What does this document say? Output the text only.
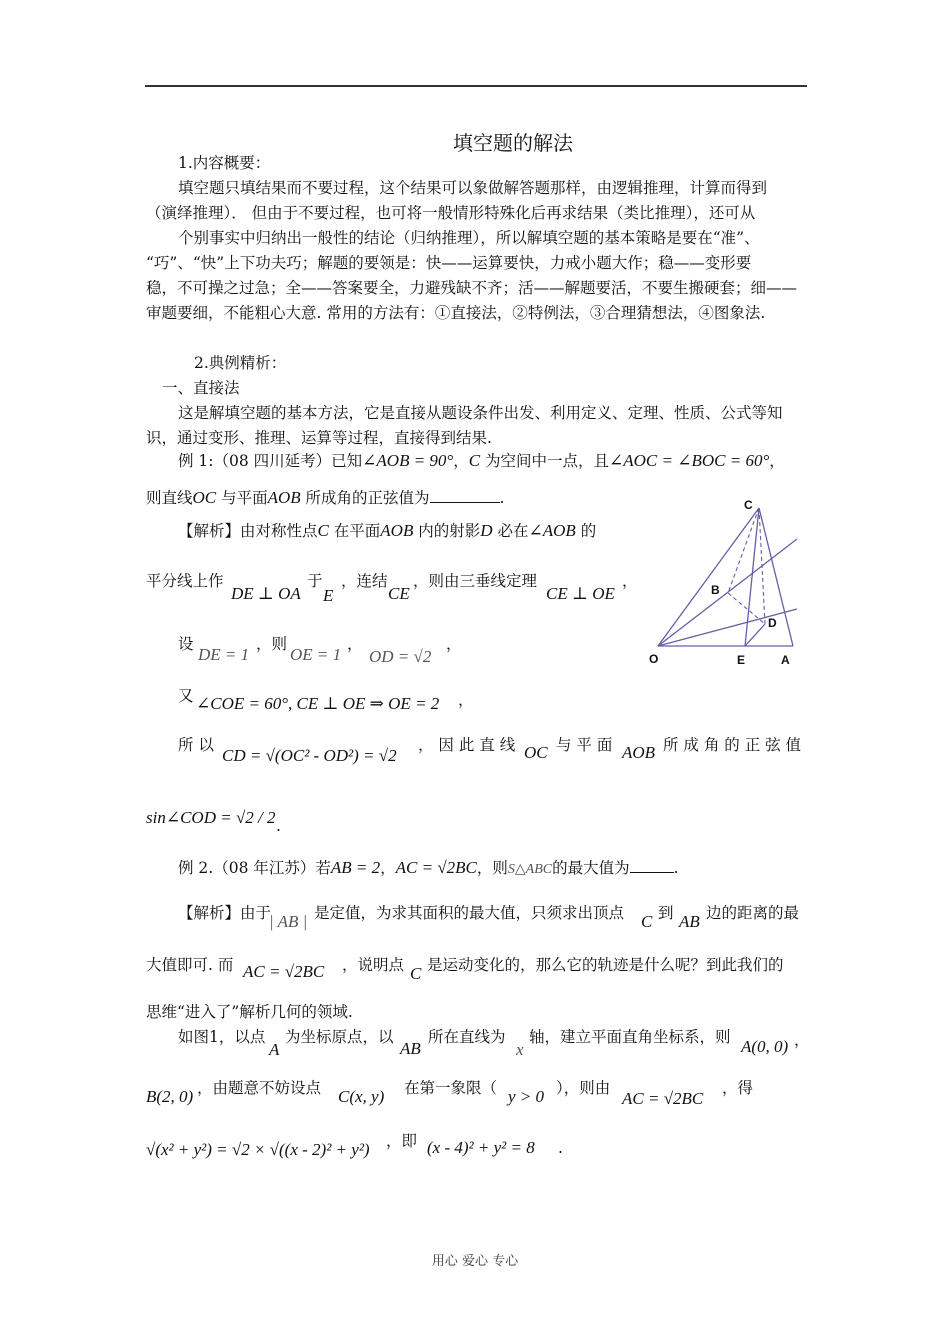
填空题的解法
1.内容概要：
填空题只填结果而不要过程，这个结果可以象做解答题那样，由逻辑推理，计算而得到
（演绎推理）． 但由于不要过程，也可将一般情形特殊化后再求结果（类比推理），还可从
个别事实中归纳出一般性的结论（归纳推理），所以解填空题的基本策略是要在“准”、
“巧”、“快”上下功夫巧；解题的要领是：快——运算要快，力戒小题大作；稳——变形要
稳，不可操之过急；全——答案要全，力避残缺不齐；活——解题要活，不要生搬硬套；细——
审题要细，不能粗心大意. 常用的方法有：①直接法，②特例法，③合理猜想法，④图象法.
2.典例精析：
一、直接法
这是解填空题的基本方法，它是直接从题设条件出发、利用定义、定理、性质、公式等知
识，通过变形、推理、运算等过程，直接得到结果.
例 1:（08 四川延考）已知∠AOB = 90°，C 为空间中一点，且∠AOC = ∠BOC = 60°，
则直线OC 与平面AOB 所成角的正弦值为	.
【解析】由对称性点C 在平面AOB 内的射影D 必在∠AOB 的
平分线上作
DE ⊥ OA
于
E
，连结
CE
，则由三垂线定理
CE ⊥ OE
，
设
DE = 1
，则
OE = 1
，
OD = √2
，
又 ∠COE = 60°, CE ⊥ OE ⇒ OE = 2 ，
所 以
CD = √(OC² - OD²) = √2
， 因 此 直 线 OC 与 平 面 AOB 所 成 角 的 正 弦 值
sin∠COD = √2 / 2 .
C
B
D
O	E	A
例 2.（08 年江苏）若AB = 2，AC = √2BC，则S△ABC的最大值为	.
【解析】由于
| AB | 是定值，为求其面积的最大值，只须求出顶点 C 到 AB 边的距离的最
大值即可. 而 AC = √2BC ，说明点 C 是运动变化的，那么它的轨迹是什么呢？到此我们的
思维“进入了”解析几何的领域.
如图1，以点
A
为坐标原点，以
AB
所在直线为
x
轴，建立平面直角坐标系，则 A(0, 0) ，
B(2, 0) ，由题意不妨设点 C(x, y) 在第一象限（ y > 0 ），则由
AC = √2BC
，得
√(x² + y²) = √2 × √((x - 2)² + y²) ，即 (x - 4)² + y² = 8 .
用心 爱心 专心
